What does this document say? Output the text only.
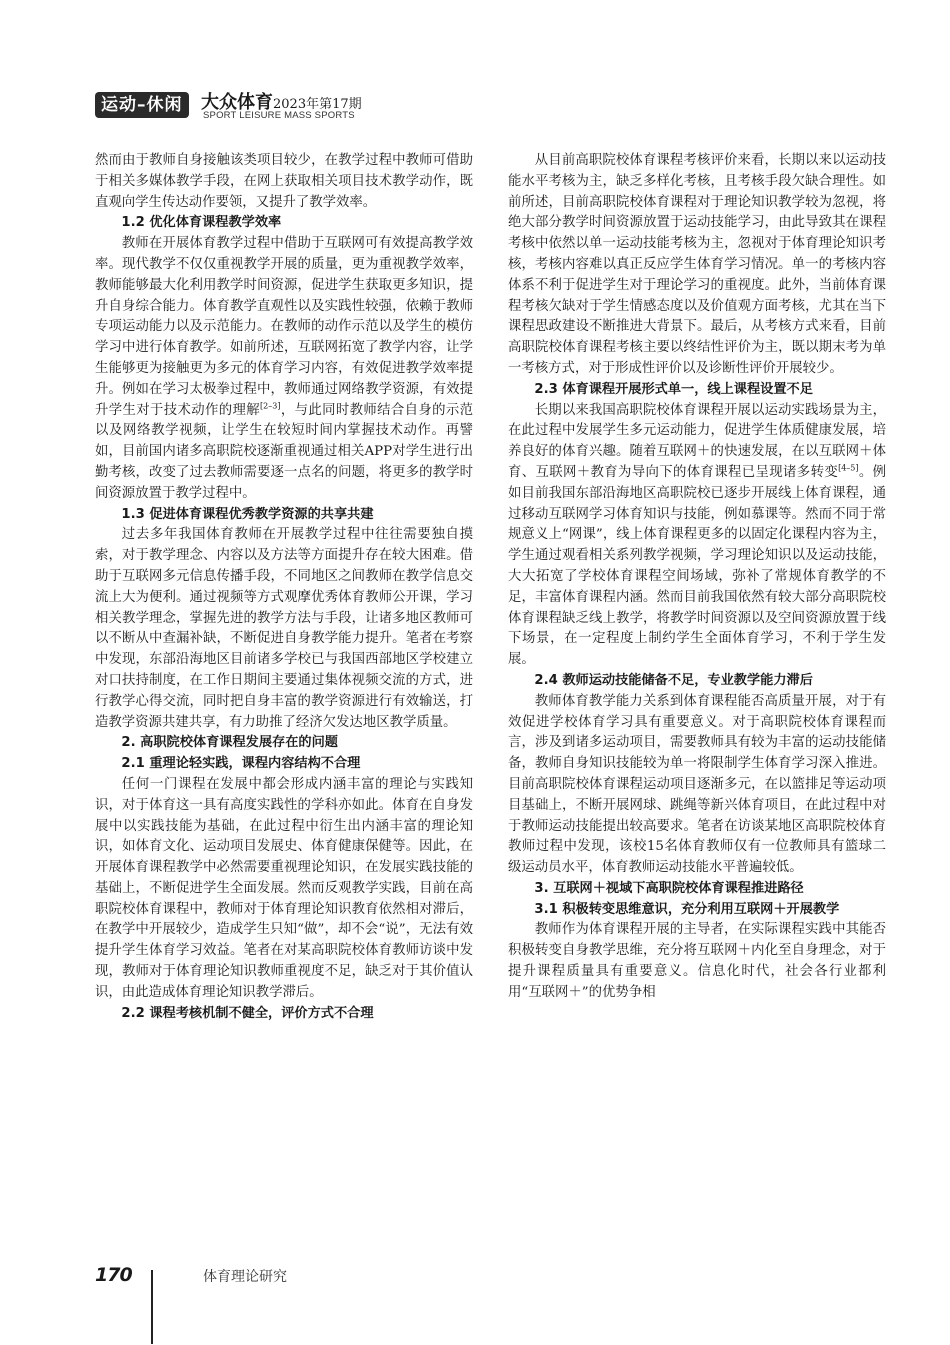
运动–休闲	大众体育2023年第17期
SPORT LEISURE MASS SPORTS

然而由于教师自身接触该类项目较少，在教学过程中教师可借助于相关多媒体教学手段，在网上获取相关项目技术教学动作，既直观向学生传达动作要领，又提升了教学效率。

1.2 优化体育课程教学效率

教师在开展体育教学过程中借助于互联网可有效提高教学效率。现代教学不仅仅重视教学开展的质量，更为重视教学效率，教师能够最大化利用教学时间资源，促进学生获取更多知识，提升自身综合能力。体育教学直观性以及实践性较强，依赖于教师专项运动能力以及示范能力。在教师的动作示范以及学生的模仿学习中进行体育教学。如前所述，互联网拓宽了教学内容，让学生能够更为接触更为多元的体育学习内容，有效促进教学效率提升。例如在学习太极拳过程中，教师通过网络教学资源，有效提升学生对于技术动作的理解[2–3]，与此同时教师结合自身的示范以及网络教学视频，让学生在较短时间内掌握技术动作。再譬如，目前国内诸多高职院校逐渐重视通过相关APP对学生进行出勤考核，改变了过去教师需要逐一点名的问题，将更多的教学时间资源放置于教学过程中。

1.3 促进体育课程优秀教学资源的共享共建

过去多年我国体育教师在开展教学过程中往往需要独自摸索，对于教学理念、内容以及方法等方面提升存在较大困难。借助于互联网多元信息传播手段，不同地区之间教师在教学信息交流上大为便利。通过视频等方式观摩优秀体育教师公开课，学习相关教学理念，掌握先进的教学方法与手段，让诸多地区教师可以不断从中查漏补缺，不断促进自身教学能力提升。笔者在考察中发现，东部沿海地区目前诸多学校已与我国西部地区学校建立对口扶持制度，在工作日期间主要通过集体视频交流的方式，进行教学心得交流，同时把自身丰富的教学资源进行有效输送，打造教学资源共建共享，有力助推了经济欠发达地区教学质量。

2. 高职院校体育课程发展存在的问题
2.1 重理论轻实践，课程内容结构不合理

任何一门课程在发展中都会形成内涵丰富的理论与实践知识，对于体育这一具有高度实践性的学科亦如此。体育在自身发展中以实践技能为基础，在此过程中衍生出内涵丰富的理论知识，如体育文化、运动项目发展史、体育健康保健等。因此，在开展体育课程教学中必然需要重视理论知识，在发展实践技能的基础上，不断促进学生全面发展。然而反观教学实践，目前在高职院校体育课程中，教师对于体育理论知识教育依然相对滞后，在教学中开展较少，造成学生只知“做”，却不会“说”，无法有效提升学生体育学习效益。笔者在对某高职院校体育教师访谈中发现，教师对于体育理论知识教师重视度不足，缺乏对于其价值认识，由此造成体育理论知识教学滞后。

2.2 课程考核机制不健全，评价方式不合理

从目前高职院校体育课程考核评价来看，长期以来以运动技能水平考核为主，缺乏多样化考核，且考核手段欠缺合理性。如前所述，目前高职院校体育课程对于理论知识教学较为忽视，将绝大部分教学时间资源放置于运动技能学习，由此导致其在课程考核中依然以单一运动技能考核为主，忽视对于体育理论知识考核，考核内容难以真正反应学生体育学习情况。单一的考核内容体系不利于促进学生对于理论学习的重视度。此外，当前体育课程考核欠缺对于学生情感态度以及价值观方面考核，尤其在当下课程思政建设不断推进大背景下。最后，从考核方式来看，目前高职院校体育课程考核主要以终结性评价为主，既以期末考为单一考核方式，对于形成性评价以及诊断性评价开展较少。

2.3 体育课程开展形式单一，线上课程设置不足

长期以来我国高职院校体育课程开展以运动实践场景为主，在此过程中发展学生多元运动能力，促进学生体质健康发展，培养良好的体育兴趣。随着互联网＋的快速发展，在以互联网＋体育、互联网＋教育为导向下的体育课程已呈现诸多转变[4–5]。例如目前我国东部沿海地区高职院校已逐步开展线上体育课程，通过移动互联网学习体育知识与技能，例如慕课等。然而不同于常规意义上“网课”，线上体育课程更多的以固定化课程内容为主，学生通过观看相关系列教学视频，学习理论知识以及运动技能，大大拓宽了学校体育课程空间场域，弥补了常规体育教学的不足，丰富体育课程内涵。然而目前我国依然有较大部分高职院校体育课程缺乏线上教学，将教学时间资源以及空间资源放置于线下场景，在一定程度上制约学生全面体育学习，不利于学生发展。

2.4 教师运动技能储备不足，专业教学能力滞后

教师体育教学能力关系到体育课程能否高质量开展，对于有效促进学校体育学习具有重要意义。对于高职院校体育课程而言，涉及到诸多运动项目，需要教师具有较为丰富的运动技能储备，教师自身知识技能较为单一将限制学生体育学习深入推进。目前高职院校体育课程运动项目逐渐多元，在以篮排足等运动项目基础上，不断开展网球、跳绳等新兴体育项目，在此过程中对于教师运动技能提出较高要求。笔者在访谈某地区高职院校体育教师过程中发现，该校15名体育教师仅有一位教师具有篮球二级运动员水平，体育教师运动技能水平普遍较低。

3. 互联网＋视域下高职院校体育课程推进路径
3.1 积极转变思维意识，充分利用互联网＋开展教学

教师作为体育课程开展的主导者，在实际课程实践中其能否积极转变自身教学思维，充分将互联网＋内化至自身理念，对于提升课程质量具有重要意义。信息化时代，社会各行业都利用“互联网＋”的优势争相

170	体育理论研究
